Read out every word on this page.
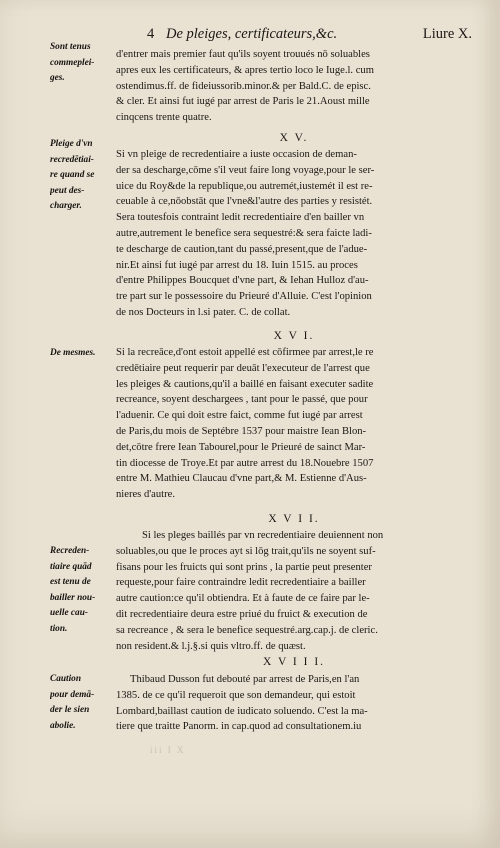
4 De pleiges, certificateurs,&c.	Liure X.
d'entrer mais premier faut qu'ils soyent trouués nō soluables
apres eux les certificateurs, & apres tertio loco le Iuge.l. cum
ostendimus.ff. de fideiussorib.minor.& per Bald.C. de episc.
& cler. Et ainsi fut iugé par arrest de Paris le 21.Aoust mille
cinqcens trente quatre.
Sont tenus
commeplei-
ges.
X V.
Si vn pleige de recredentiaire a iuste occasion de deman-
der sa descharge,cōme s'il veut faire long voyage,pour le ser-
uice du Roy&de la republique,ou autremét,iustemét il est re-
ceuable à ce,nōobstāt que l'vne&l'autre des parties y resistét.
Sera toutesfois contraint ledit recredentiaire d'en bailler vn
autre,autrement le benefice sera sequestré:& sera faicte ladi-
te descharge de caution,tant du passé,present,que de l'adue-
nir.Et ainsi fut iugé par arrest du 18. Iuin 1515. au proces
d'entre Philippes Boucquet d'vne part, & Iehan Hulloz d'au-
tre part sur le possessoire du Prieuré d'Alluie. C'est l'opinion
de nos Docteurs in l.si pater. C. de collat.
Pleige d'vn
recredētiai-
re quand se
peut des-
charger.
X V I.
Si la recreāce,d'ont estoit appellé est cōfirmee par arrest,le re
credētiaire peut requerir par deuāt l'executeur de l'arrest que
les pleiges & cautions,qu'il a baillé en faisant executer sadite
recreance, soyent deschargees , tant pour le passé, que pour
l'aduenir. Ce qui doit estre faict, comme fut iugé par arrest
de Paris,du mois de Septébre 1537 pour maistre Iean Blon-
det,cōtre frere Iean Tabourel,pour le Prieuré de sainct Mar-
tin diocesse de Troye.Et par autre arrest du 18.Nouebre 1507
entre M. Mathieu Claucau d'vne part,& M. Estienne d'Aus-
nieres d'autre.
De mesmes.
X V I I.
Si les pleges baillés par vn recredentiaire deuiennent non
soluables,ou que le proces ayt si lōg trait,qu'ils ne soyent suf-
fisans pour les fruicts qui sont prins , la partie peut presenter
requeste,pour faire contraindre ledit recredentiaire a bailler
autre caution:ce qu'il obtiendra. Et à faute de ce faire par le-
dit recredentiaire deura estre priué du fruict & execution de
sa recreance , & sera le benefice sequestré.arg.cap.j. de cleric.
non resident.& l.j.§.si quis vltro.ff. de quæst.
Recreden-
tiaire quād
est tenu de
bailler nou-
uelle cau-
tion.
X V I I I.
Thibaud Dusson fut debouté par arrest de Paris,en l'an
1385. de ce qu'il requeroit que son demandeur, qui estoit
Lombard,baillast caution de iudicato soluendo. C'est la ma-
tiere que traitte Panorm. in cap.quod ad consultationem.iu
Caution
pour demā-
der le sien
abolie.
iii I X
